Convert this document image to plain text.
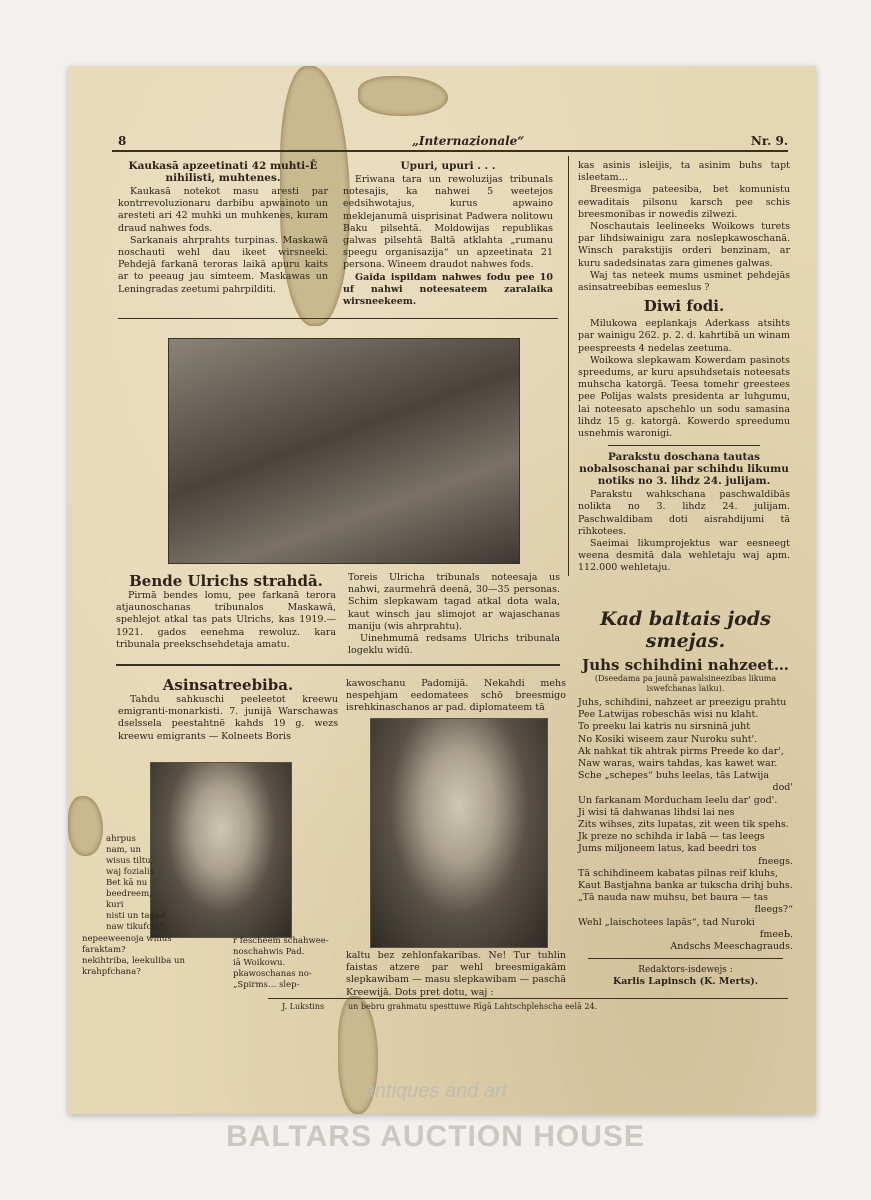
8	„Internazionale“	Nr. 9.
Kaukasā apzeetinati 42 muhti-Ē nihilisti, muhtenes.

Kaukasā notekot masu aresti par kontrrevoluzionaru darbibu apwainoto un aresteti ari 42 muhki un muhkenes, kuram draud nahwes fods.

Sarkanais ahrprahts turpinas. Maskawā noschauti wehl dau ikeet wirsneeki. Pehdejā farkanā teroras laikā apuru kaits ar to peeaug jau simteem. Maskawas un Leningradas zeetumi pahrpilditi.

Upuri, upuri . . .

Eriwana tara un rewoluzijas tribunals notesajis, ka nahwei 5 weetejos eedsihwotajus, kurus apwaino meklejanumā uisprisinat Padwera nolitowu Baku pilsehtā. Moldowijas republikas galwas pilsehtā Baltā atklahta „rumanu speegu organisazija“ un apzeetinata 21 persona. Wineem draudot nahwes fods.

Gaida ispildam nahwes fodu pee 10 uf nahwi noteesateem zaralaika wirsneekeem.

kas asinis isleijis, ta asinim buhs tapt isleetam…

Breesmiga pateesiba, bet komunistu eewaditais pilsonu karsch pee schis breesmonibas ir nowedis zilwezi.

Noschautais leelineeks Woikows turets par lihdsiwainigu zara noslepkawoschanā. Winsch parakstijis orderi benzinam, ar kuru sadedsinatas zara gimenes galwas.

Waj tas neteek mums usminet pehdejās asinsatreebibas eemeslus ?

Diwi fodi.

Milukowa eeplankajs Aderkass atsihts par wainigu 262. p. 2. d. kahrtibā un winam peespreests 4 nedelas zeetuma.

Woikowa slepkawam Kowerdam pasinots spreedums, ar kuru apsuhdsetais noteesats muhscha katorgā. Teesa tomehr greestees pee Polijas walsts presidenta ar luhgumu, lai noteesato apschehlo un sodu samasina lihdz 15 g. katorgā. Kowerdo spreedumu usnehmis waronigi.

Parakstu doschana tautas nobalsoschanai par schihdu likumu notiks no 3. lihdz 24. julijam.

Parakstu wahkschana paschwaldibās nolikta no 3. lihdz 24. julijam. Paschwaldibam doti aisrahdijumi tā rihkotees.

Saeimai likumprojektus war eesneegt weena desmitā dala wehletaju waj apm. 112.000 wehletaju.

Bende Ulrichs strahdā.

Pirmā bendes lomu, pee farkanā terora atjaunoschanas tribunalos Maskawā, spehlejot atkal tas pats Ulrichs, kas 1919.—1921. gados eenehma rewoluz. kara tribunala preekschsehdetaja amatu.

Toreis Ulricha tribunals noteesaja us nahwi, zaurmehrā deenā, 30—35 personas. Schim slepkawam tagad atkal dota wala, kaut winsch jau slimojot ar wajaschanas maniju (wis ahrprahtu).

Uinehmumā redsams Ulrichs tribunala logeklu widū.

Kad baltais jods
smejas.
Juhs schihdini nahzeet…
(Dseedama pa jaunā pawalsineezibas likuma iswefchanas laiku).
Juhs, schihdini, nahzeet ar preezigu prahtu
Pee Latwijas robeschās wisi nu klaht.
To preeku lai katris nu sirsninā juht
No Kosiki wiseem zaur Nuroku suht'.
Ak nahkat tik ahtrak pirms Preede ko dar',
Naw waras, wairs tahdas, kas kawet war.
Sche „schepes“ buhs leelas, tās Latwija
dod'
Un farkanam Morducham leelu dar' god'.
Ji wisi tā dahwanas lihdsi lai nes
Zits wihses, zits lupatas, zit ween tik spehs.
Jk preze no schihda ir labā — tas leegs
Jums miljoneem latus, kad beedri tos
fneegs.
Tā schihdineem kabatas pilnas reif kluhs,
Kaut Bastjahna banka ar tukscha drihj buhs.
„Tā nauda naw muhsu, bet baura — tas
fleegs?“
Wehl „laischotees lapās“, tad Nuroki
fmeeЬ.
Andschs Meeschagrauds.
Redaktors-isdewejs :
Karlis Lapinsch (K. Merts).
Asinsatreebiba.

Tahdu sahkuschi peeleetot kreewu emigranti-monarkisti. 7. junijā Warschawas dselssela peestahtnē kahds 19 g. wezs kreewu emigrants — Kolneets Boris

ahrpus
nam, un
wisus tiltu,
waj fozialis
Bet kā nu
beedreem, kuri
nisti un tagad
naw tikufchi?
nepeeweenoja winus
faraktam?
nekihtriba, leekuliba un
krahpfchana?
r fescheem schahwee-
noschahwis Pad.
iā Woikowu.
pkawoschanas no-
„Spirms… slep-

kawoschanu Padomijā. Nekahdi mehs nespehjam eedomatees schō breesmigo isrehkinaschanos ar pad. diplomateem tā

kaltu bez zehlonfakaribas. Ne! Tur tuhlin faistas atzere par wehl breesmigakām slepkawibam — masu slepkawibam — paschā Kreewijā. Dots pret dotu, waj :

J. Lukstins	un bebru grahmatu spesttuwe Rīgā Lahtschplehscha eelā 24.
antiques and art
BALTARS AUCTION HOUSE
